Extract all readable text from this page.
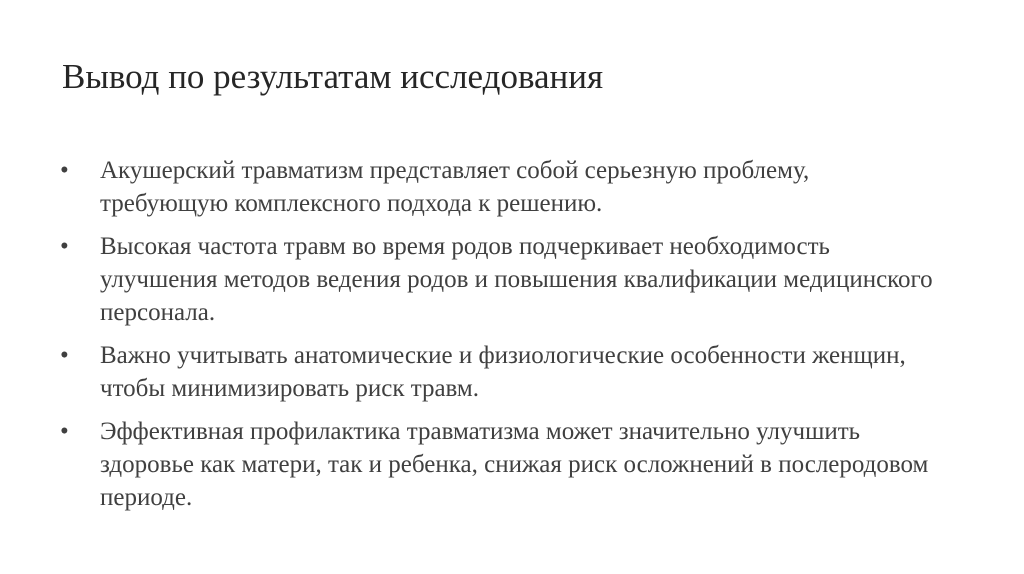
Вывод по результатам исследования
•	Акушерский травматизм представляет собой серьезную проблему, требующую комплексного подхода к решению.
•	Высокая частота травм во время родов подчеркивает необходимость улучшения методов ведения родов и повышения квалификации медицинского персонала.
•	Важно учитывать анатомические и физиологические особенности женщин, чтобы минимизировать риск травм.
•	Эффективная профилактика травматизма может значительно улучшить здоровье как матери, так и ребенка, снижая риск осложнений в послеродовом периоде.
